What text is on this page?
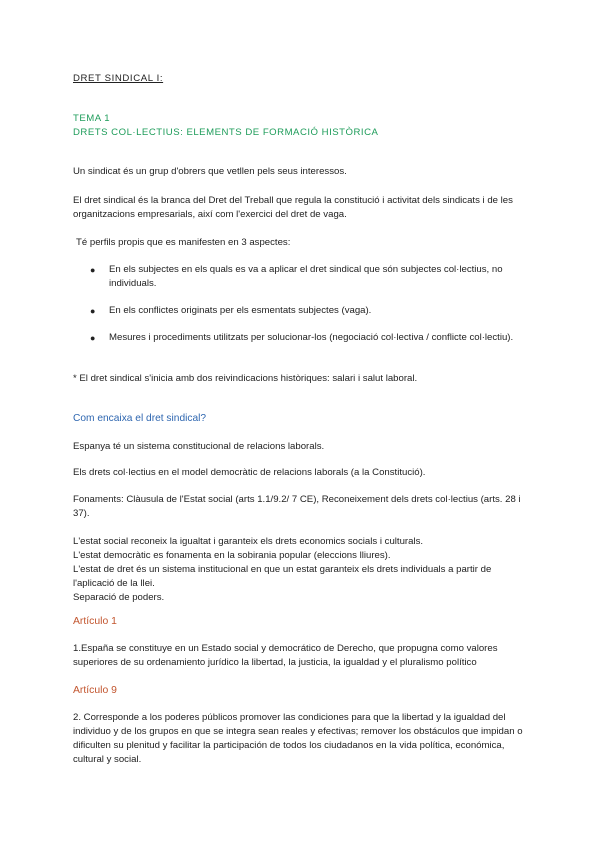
DRET SINDICAL I:
TEMA 1
DRETS COL·LECTIUS: ELEMENTS DE FORMACIÓ HISTÒRICA
Un sindicat és un grup d'obrers que vetllen pels seus interessos.
El dret sindical és la branca del Dret del Treball que regula la constitució i activitat dels sindicats i de les organitzacions empresarials, així com l'exercici del dret de vaga.
Té perfils propis que es manifesten en 3 aspectes:
● En els subjectes en els quals es va a aplicar el dret sindical que són subjectes col·lectius, no individuals.
● En els conflictes originats per els esmentats subjectes (vaga).
● Mesures i procediments utilitzats per solucionar-los (negociació col·lectiva / conflicte col·lectiu).
* El dret sindical s'inicia amb dos reivindicacions històriques: salari i salut laboral.
Com encaixa el dret sindical?
Espanya té un sistema constitucional de relacions laborals.
Els drets col·lectius en el model democràtic de relacions laborals (a la Constitució).
Fonaments: Clàusula de l'Estat social (arts 1.1/9.2/ 7 CE), Reconeixement dels drets col·lectius (arts. 28 i 37).
L'estat social reconeix la igualtat i garanteix els drets economics socials i culturals.
L'estat democràtic es fonamenta en la sobirania popular (eleccions lliures).
L'estat de dret és un sistema institucional en que un estat garanteix els drets individuals a partir de l'aplicació de la llei.
Separació de poders.
Artículo 1
1.España se constituye en un Estado social y democrático de Derecho, que propugna como valores superiores de su ordenamiento jurídico la libertad, la justicia, la igualdad y el pluralismo político
Artículo 9
2. Corresponde a los poderes públicos promover las condiciones para que la libertad y la igualdad del individuo y de los grupos en que se integra sean reales y efectivas; remover los obstáculos que impidan o dificulten su plenitud y facilitar la participación de todos los ciudadanos en la vida política, económica, cultural y social.
